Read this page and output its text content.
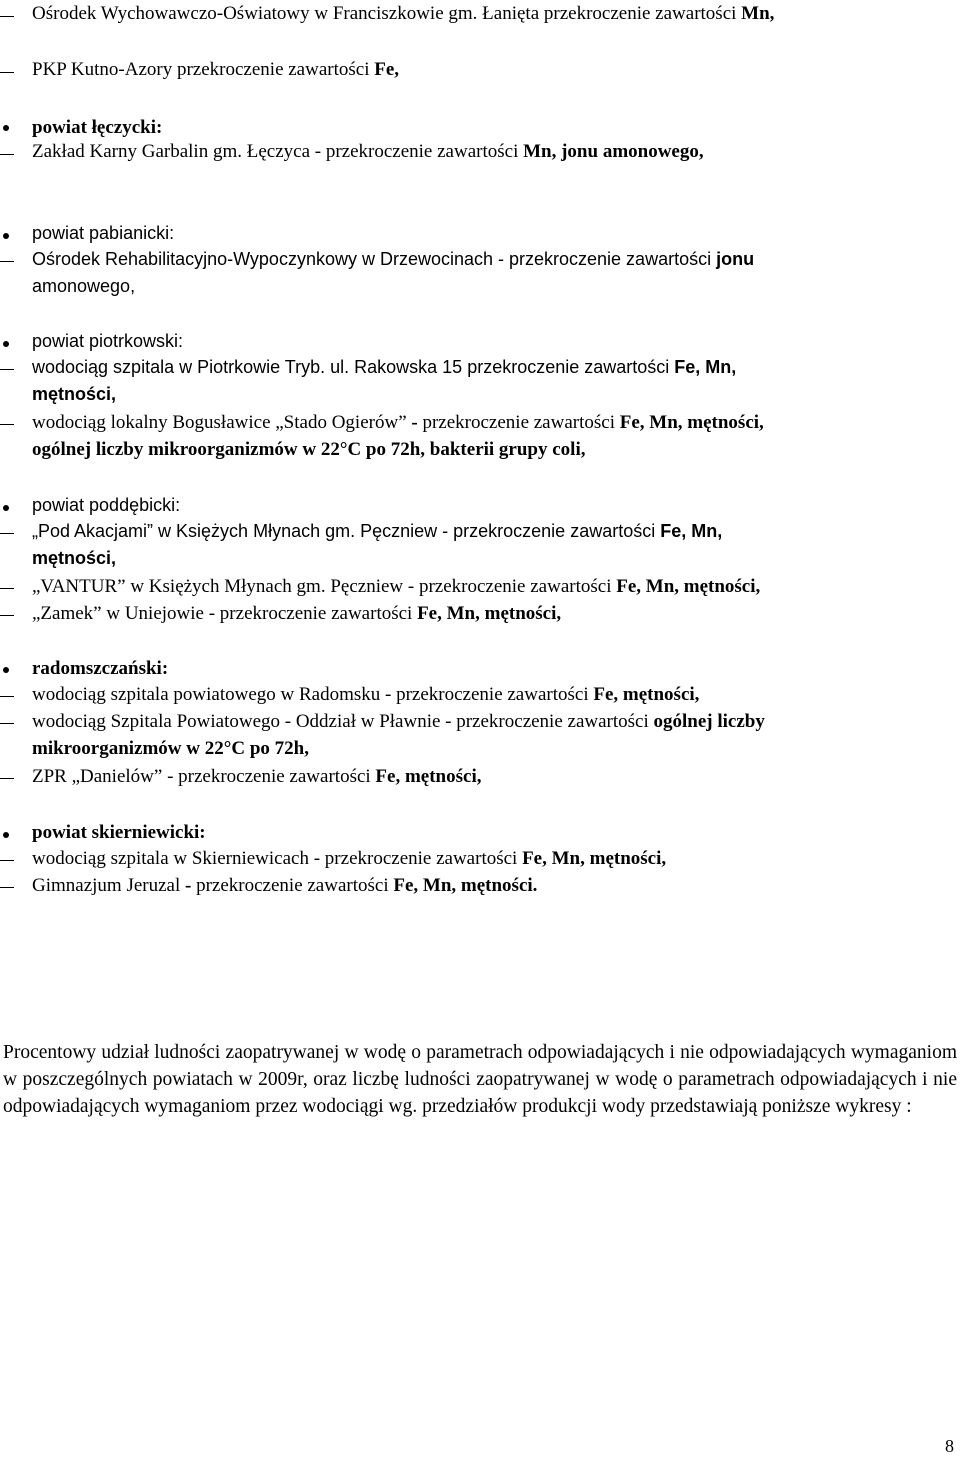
Ośrodek Wychowawczo-Oświatowy w Franciszkowie gm. Łanięta przekroczenie zawartości Mn,
PKP Kutno-Azory przekroczenie zawartości Fe,
powiat łęczycki:
Zakład Karny Garbalin gm. Łęczyca - przekroczenie zawartości Mn, jonu amonowego,
powiat pabianicki:
Ośrodek Rehabilitacyjno-Wypoczynkowy w Drzewocinach - przekroczenie zawartości jonu
amonowego,
powiat piotrkowski:
wodociąg szpitala w Piotrkowie Tryb. ul. Rakowska 15 przekroczenie zawartości Fe, Mn,
mętności,
wodociąg lokalny Bogusławice „Stado Ogierów” - przekroczenie zawartości Fe, Mn, mętności,
ogólnej liczby mikroorganizmów w 22°C po 72h, bakterii grupy coli,
powiat poddębicki:
„Pod Akacjami” w Księżych Młynach gm. Pęczniew - przekroczenie zawartości Fe, Mn,
mętności,
„VANTUR” w Księżych Młynach gm. Pęczniew - przekroczenie zawartości Fe, Mn, mętności,
„Zamek” w Uniejowie - przekroczenie zawartości Fe, Mn, mętności,
radomszczański:
wodociąg szpitala powiatowego w Radomsku - przekroczenie zawartości Fe, mętności,
wodociąg Szpitala Powiatowego - Oddział w Pławnie - przekroczenie zawartości ogólnej liczby
mikroorganizmów w 22°C po 72h,
ZPR „Danielów” - przekroczenie zawartości Fe, mętności,
powiat skierniewicki:
wodociąg szpitala w Skierniewicach - przekroczenie zawartości Fe, Mn, mętności,
Gimnazjum Jeruzal - przekroczenie zawartości Fe, Mn, mętności.
Procentowy udział ludności zaopatrywanej w wodę o parametrach odpowiadających i nie odpowiadających wymaganiom w poszczególnych powiatach w 2009r, oraz liczbę ludności zaopatrywanej w wodę o parametrach odpowiadających i nie odpowiadających wymaganiom przez wodociągi wg. przedziałów produkcji wody przedstawiają poniższe wykresy :
8
